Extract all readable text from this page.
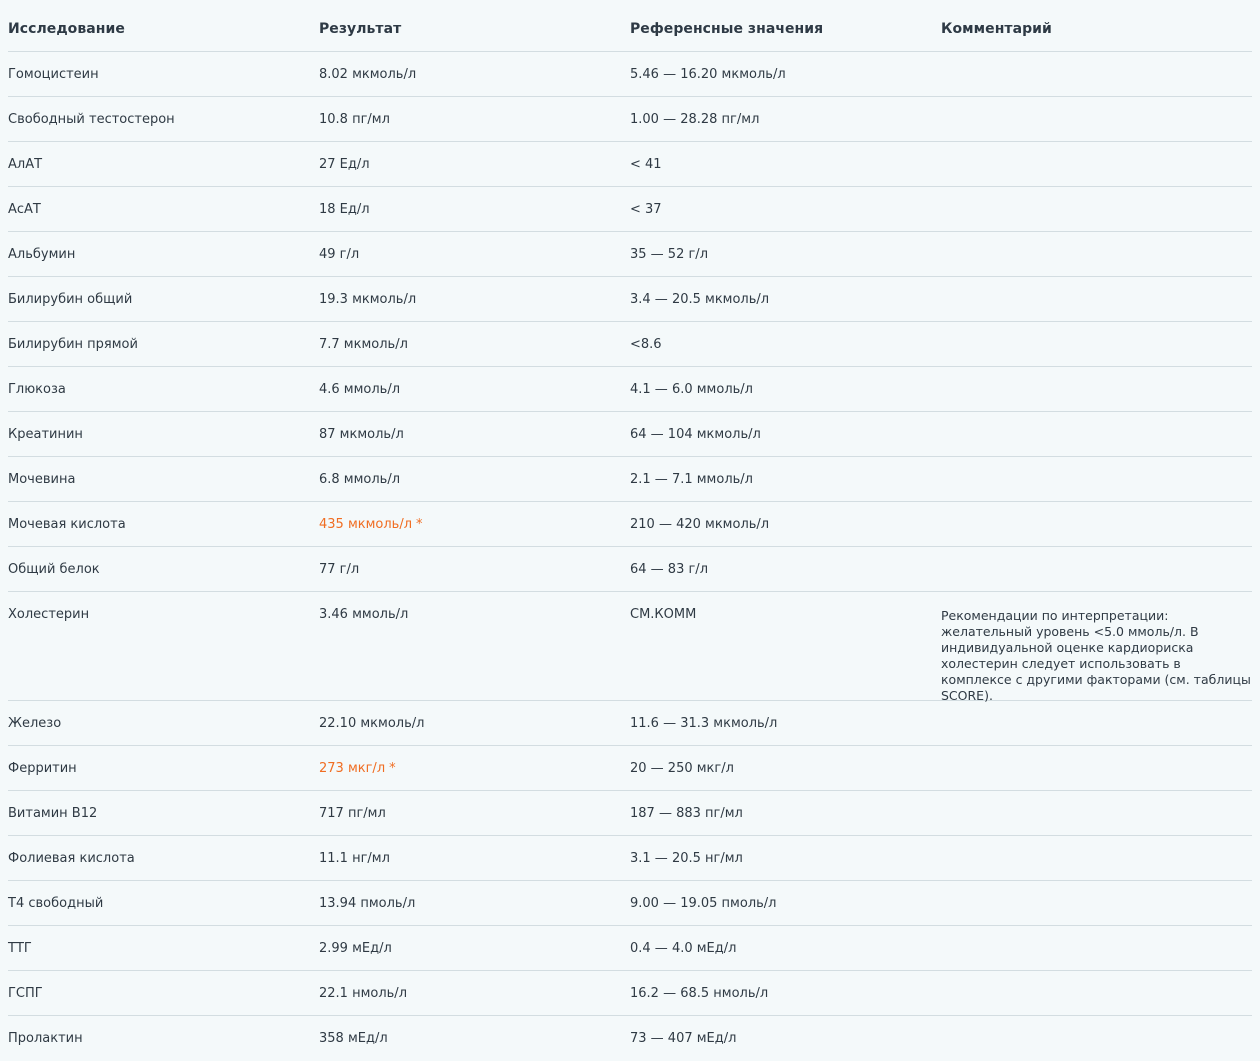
Исследование	Результат	Референсные значения	Комментарий
Гомоцистеин	8.02 мкмоль/л	5.46 — 16.20 мкмоль/л
Свободный тестостерон	10.8 пг/мл	1.00 — 28.28 пг/мл
АлАТ	27 Ед/л	< 41
АсАТ	18 Ед/л	< 37
Альбумин	49 г/л	35 — 52 г/л
Билирубин общий	19.3 мкмоль/л	3.4 — 20.5 мкмоль/л
Билирубин прямой	7.7 мкмоль/л	<8.6
Глюкоза	4.6 ммоль/л	4.1 — 6.0 ммоль/л
Креатинин	87 мкмоль/л	64 — 104 мкмоль/л
Мочевина	6.8 ммоль/л	2.1 — 7.1 ммоль/л
Мочевая кислота	435 мкмоль/л *	210 — 420 мкмоль/л
Общий белок	77 г/л	64 — 83 г/л
Холестерин	3.46 ммоль/л	СМ.КОММ	Рекомендации по интерпретации: желательный уровень <5.0 ммоль/л. В индивидуальной оценке кардиориска холестерин следует использовать в комплексе с другими факторами (см. таблицы SCORE).
Железо	22.10 мкмоль/л	11.6 — 31.3 мкмоль/л
Ферритин	273 мкг/л *	20 — 250 мкг/л
Витамин В12	717 пг/мл	187 — 883 пг/мл
Фолиевая кислота	11.1 нг/мл	3.1 — 20.5 нг/мл
Т4 свободный	13.94 пмоль/л	9.00 — 19.05 пмоль/л
ТТГ	2.99 мЕд/л	0.4 — 4.0 мЕд/л
ГСПГ	22.1 нмоль/л	16.2 — 68.5 нмоль/л
Пролактин	358 мЕд/л	73 — 407 мЕд/л
